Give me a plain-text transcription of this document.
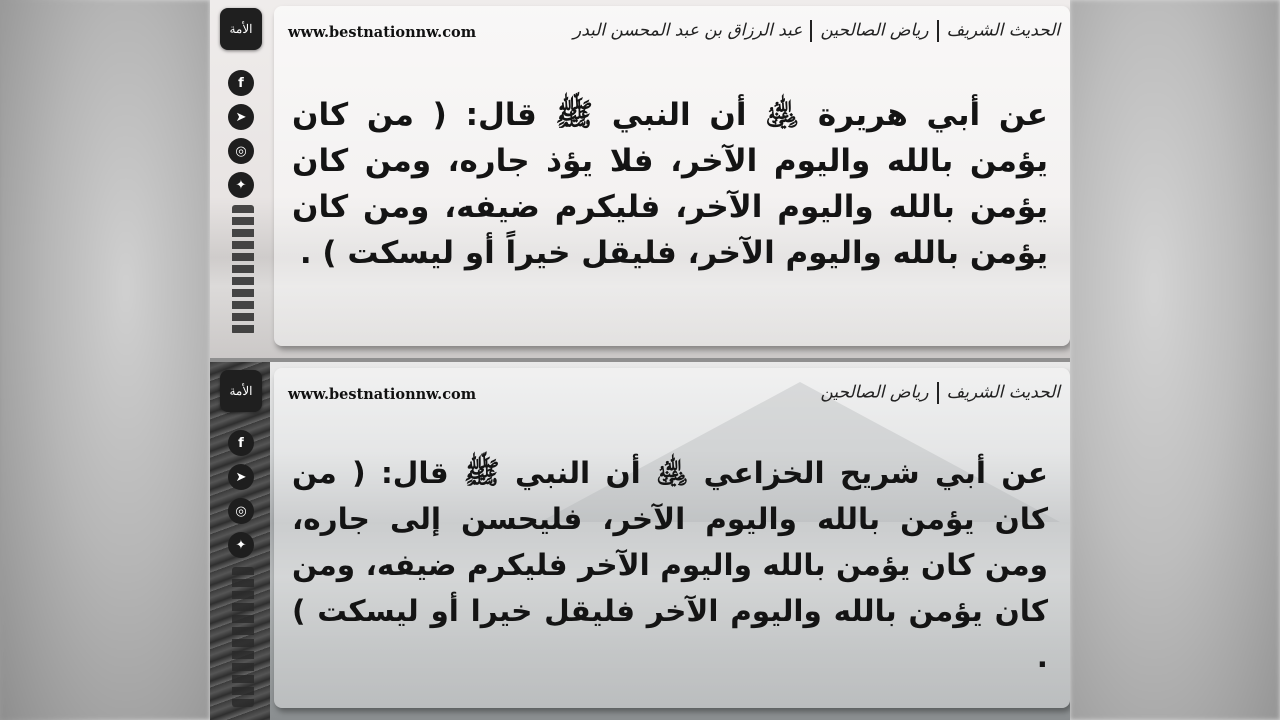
الأمة
f
➤
◎
✦
www.bestnationnw.com	الحديث الشريفرياض الصالحينعبد الرزاق بن عبد المحسن البدر
عن أبي هريرة ﵁ أن النبي ﷺ قال: ( من كان يؤمن بالله واليوم الآخر، فلا يؤذ جاره، ومن كان يؤمن بالله واليوم الآخر، فليكرم ضيفه، ومن كان يؤمن بالله واليوم الآخر، فليقل خيراً أو ليسكت ) .
الأمة
f
➤
◎
✦
www.bestnationnw.com	الحديث الشريفرياض الصالحين
عن أبي شريح الخزاعي ﵁ أن النبي ﷺ قال: ( من كان يؤمن بالله واليوم الآخر، فليحسن إلى جاره، ومن كان يؤمن بالله واليوم الآخر فليكرم ضيفه، ومن كان يؤمن بالله واليوم الآخر فليقل خيرا أو ليسكت ) .
